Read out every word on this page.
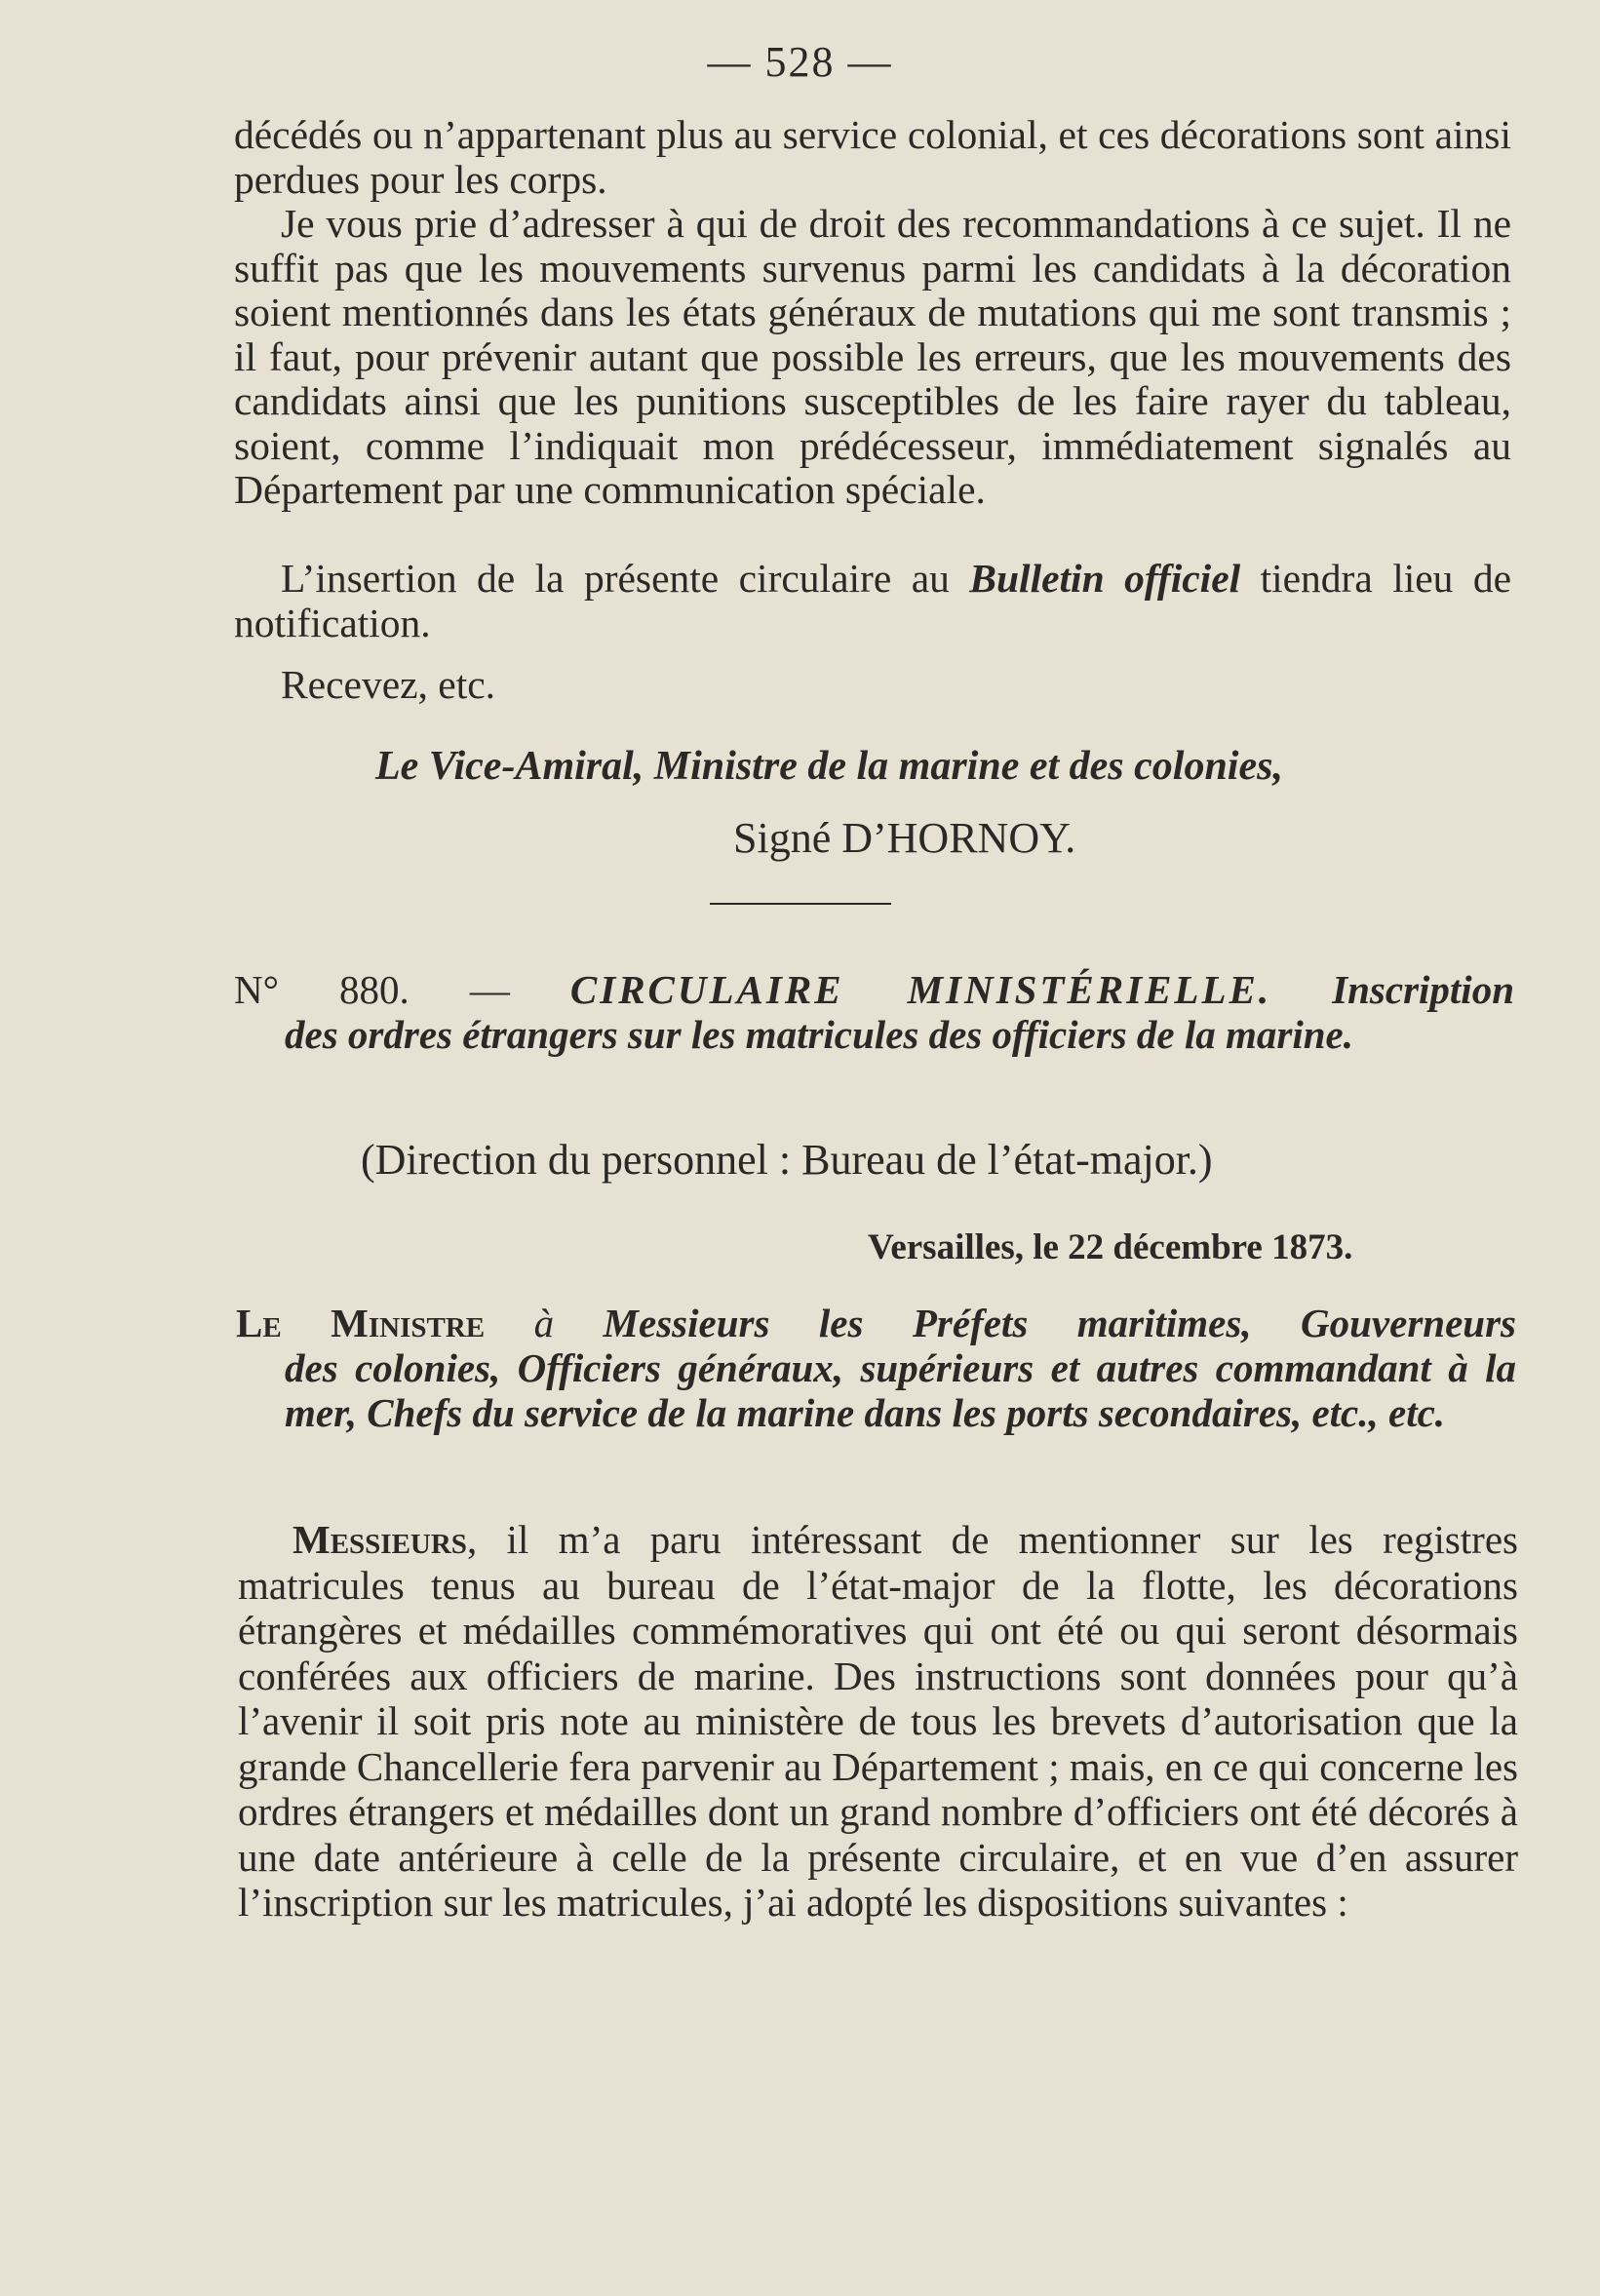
— 528 —

décédés ou n’appartenant plus au service colonial, et ces décorations sont ainsi perdues pour les corps.

Je vous prie d’adresser à qui de droit des recommandations à ce sujet. Il ne suffit pas que les mouvements survenus parmi les candidats à la décoration soient mentionnés dans les états généraux de mutations qui me sont transmis ; il faut, pour prévenir autant que possible les erreurs, que les mouvements des candidats ainsi que les punitions susceptibles de les faire rayer du tableau, soient, comme l’indiquait mon prédécesseur, immédiatement signalés au Département par une communication spéciale.

L’insertion de la présente circulaire au Bulletin officiel tiendra lieu de notification.

Recevez, etc.

Le Vice-Amiral, Ministre de la marine et des colonies,
Signé D’HORNOY.

N° 880. — CIRCULAIRE MINISTÉRIELLE. Inscription
des ordres étrangers sur les matricules des officiers de la marine.

(Direction du personnel : Bureau de l’état-major.)
Versailles, le 22 décembre 1873.

Le Ministre à Messieurs les Préfets maritimes, Gouverneurs
des colonies, Officiers généraux, supérieurs et autres commandant à la mer, Chefs du service de la marine dans les ports secondaires, etc., etc.

Messieurs, il m’a paru intéressant de mentionner sur les registres matricules tenus au bureau de l’état-major de la flotte, les décorations étrangères et médailles commémoratives qui ont été ou qui seront désormais conférées aux officiers de marine. Des instructions sont données pour qu’à l’avenir il soit pris note au ministère de tous les brevets d’autorisation que la grande Chancellerie fera parvenir au Département ; mais, en ce qui concerne les ordres étrangers et médailles dont un grand nombre d’officiers ont été décorés à une date antérieure à celle de la présente circulaire, et en vue d’en assurer l’inscription sur les matricules, j’ai adopté les dispositions suivantes :
